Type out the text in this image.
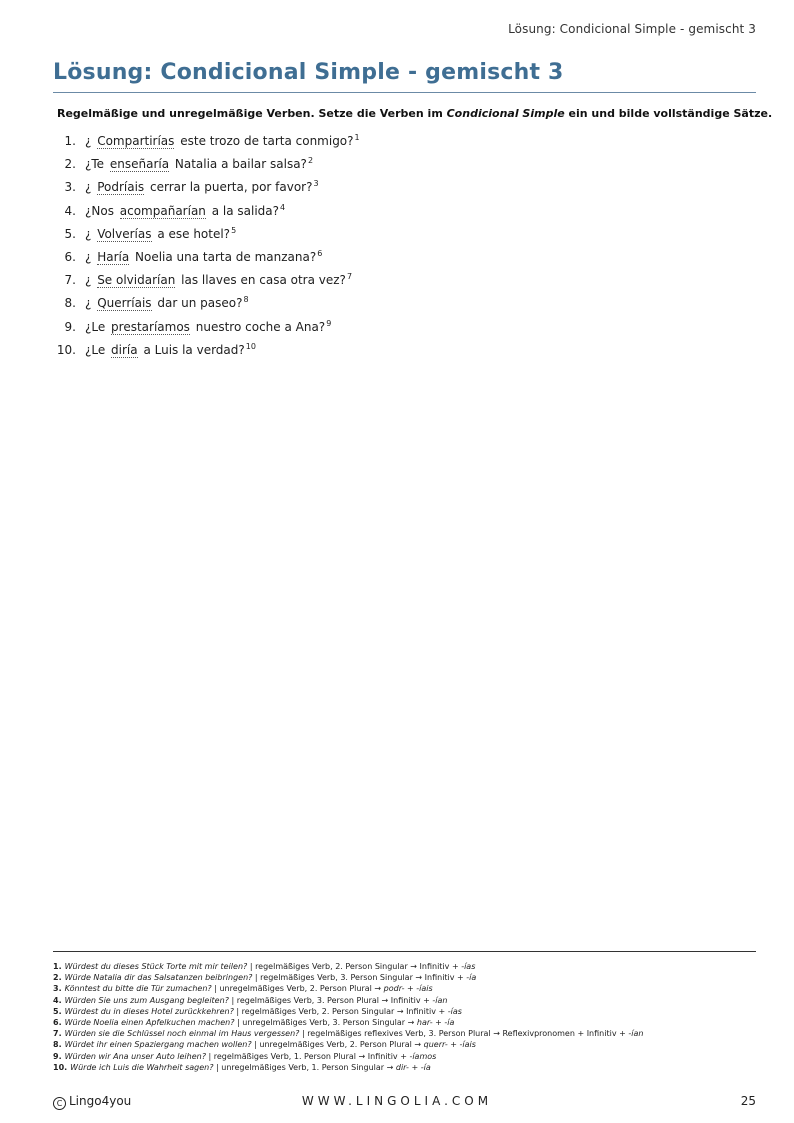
Lösung: Condicional Simple - gemischt 3
Lösung: Condicional Simple - gemischt 3
Regelmäßige und unregelmäßige Verben. Setze die Verben im Condicional Simple ein und bilde vollständige Sätze.
1. ¿ Compartirías este trozo de tarta conmigo?$^1$
2. ¿Te enseñaría Natalia a bailar salsa?$^2$
3. ¿ Podríais cerrar la puerta, por favor?$^3$
4. ¿Nos acompañarían a la salida?$^4$
5. ¿ Volverías a ese hotel?$^5$
6. ¿ Haría Noelia una tarta de manzana?$^6$
7. ¿ Se olvidarían las llaves en casa otra vez?$^7$
8. ¿ Querríais dar un paseo?$^8$
9. ¿Le prestaríamos nuestro coche a Ana?$^9$
10. ¿Le diría a Luis la verdad?$^{10}$
1. Würdest du dieses Stück Torte mit mir teilen? | regelmäßiges Verb, 2. Person Singular → Infinitiv + -ías
2. Würde Natalia dir das Salsatanzen beibringen? | regelmäßiges Verb, 3. Person Singular → Infinitiv + -ía
3. Könntest du bitte die Tür zumachen? | unregelmäßiges Verb, 2. Person Plural → podr- + -íais
4. Würden Sie uns zum Ausgang begleiten? | regelmäßiges Verb, 3. Person Plural → Infinitiv + -ían
5. Würdest du in dieses Hotel zurückkehren? | regelmäßiges Verb, 2. Person Singular → Infinitiv + -ías
6. Würde Noelia einen Apfelkuchen machen? | unregelmäßiges Verb, 3. Person Singular → har- + -ía
7. Würden sie die Schlüssel noch einmal im Haus vergessen? | regelmäßiges reflexives Verb, 3. Person Plural → Reflexivpronomen + Infinitiv + -ían
8. Würdet ihr einen Spaziergang machen wollen? | unregelmäßiges Verb, 2. Person Plural → querr- + -íais
9. Würden wir Ana unser Auto leihen? | regelmäßiges Verb, 1. Person Plural → Infinitiv + -íamos
10. Würde ich Luis die Wahrheit sagen? | unregelmäßiges Verb, 1. Person Singular → dir- + -ía
C Lingo4you	WWW.LINGOLIA.COM	25
